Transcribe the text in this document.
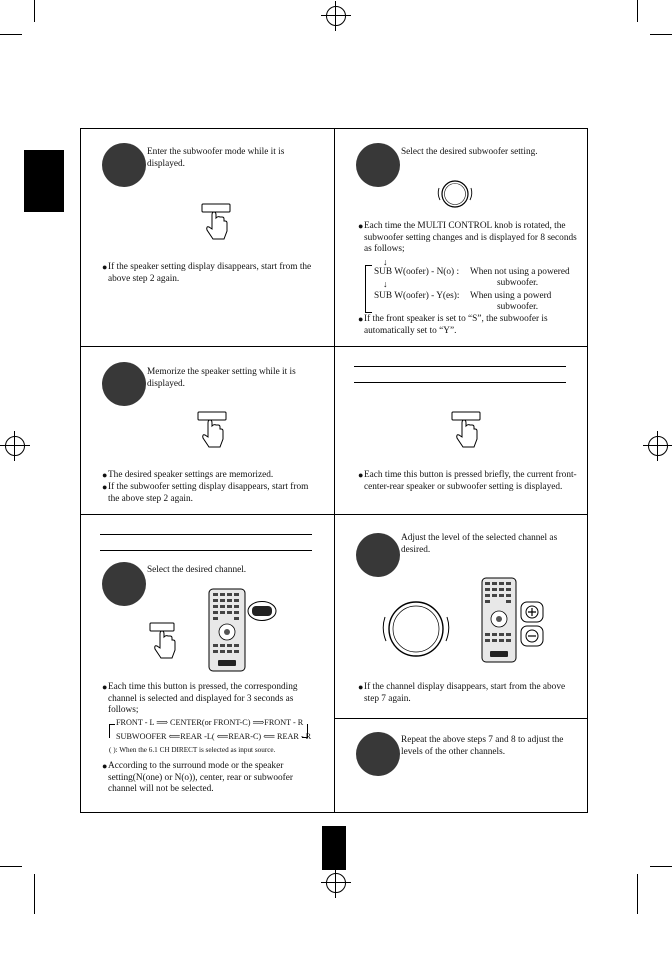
Enter the subwoofer mode while it is displayed.
● If the speaker setting display disappears, start from the above step 2 again.
Select the desired subwoofer setting.
● Each time the MULTI CONTROL knob is rotated, the subwoofer setting changes and is displayed for 8 seconds as follows;
↓
SUB W(oofer) - N(o) : When not using a powered
subwoofer.
↓
SUB W(oofer) - Y(es): When using a powerd
subwoofer.
● If the front speaker is set to “S”, the subwoofer is automatically set to “Y”.
Memorize the speaker setting while it is displayed.
● The desired speaker settings are memorized.
● If the subwoofer setting display disappears, start from the above step 2 again.
● Each time this button is pressed briefly, the current front-center-rear speaker or subwoofer setting is displayed.
Select the desired channel.
● Each time this button is pressed, the corresponding channel is selected and displayed for 3 seconds as follows;
FRONT - L ⟹ CENTER(or FRONT-C) ⟹FRONT - R
SUBWOOFER ⟸REAR -L( ⟸REAR-C) ⟸ REAR - R
( ): When the 6.1 CH DIRECT is selected as input source.
● According to the surround mode or the speaker setting(N(one) or N(o)), center, rear or subwoofer channel will not be selected.
Adjust the level of the selected channel as desired.
● If the channel display disappears, start from the above step 7 again.
Repeat the above steps 7 and 8 to adjust the levels of the other channels.
